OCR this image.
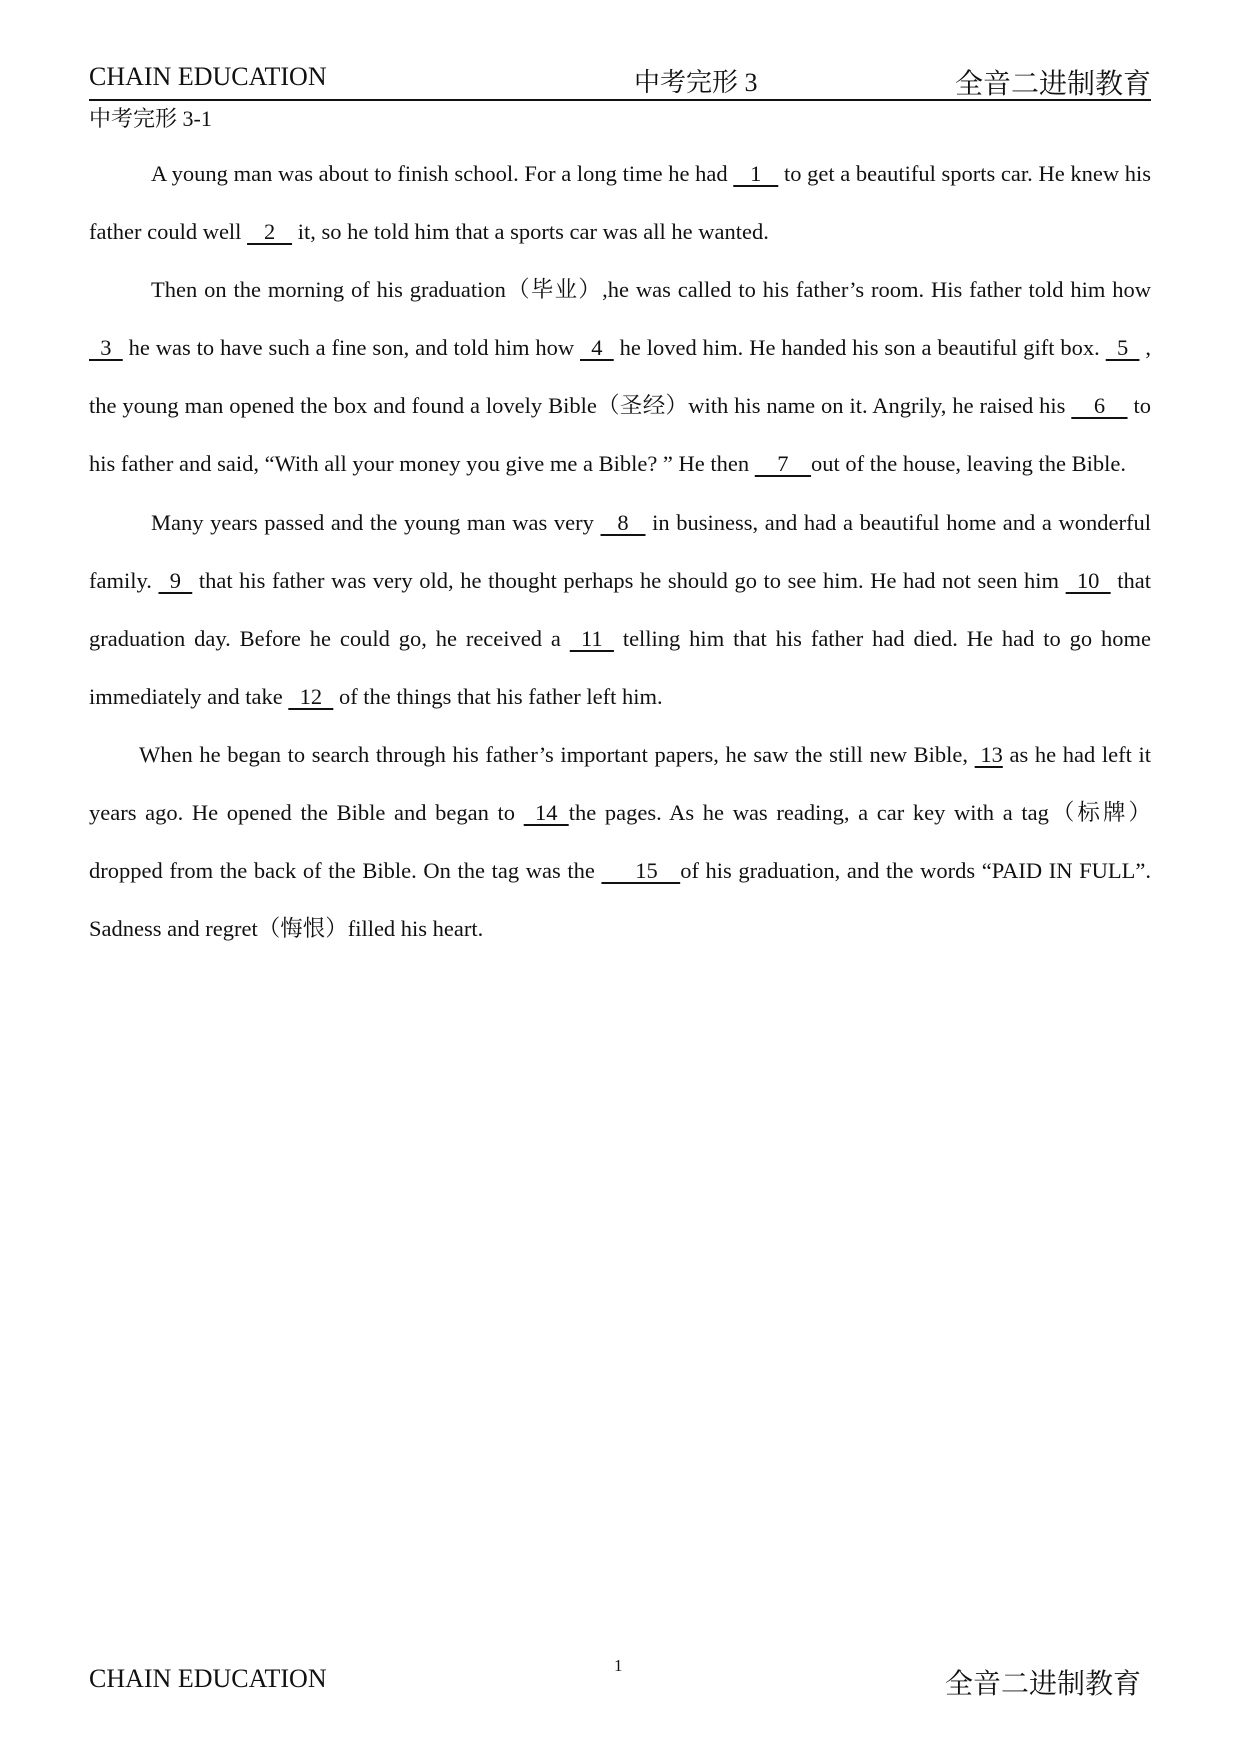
CHAIN EDUCATION	中考完形 3	全音二进制教育
中考完形 3-1

A young man was about to finish school. For a long time he had    1    to get a beautiful sports car. He knew his father could well    2    it, so he told him that a sports car was all he wanted.

Then on the morning of his graduation（毕业）,he was called to his father’s room. His father told him how   3   he was to have such a fine son, and told him how   4   he loved him. He handed his son a beautiful gift box.   5   , the young man opened the box and found a lovely Bible（圣经）with his name on it. Angrily, he raised his     6     to his father and said, “With all your money you give me a Bible? ” He then     7    out of the house, leaving the Bible.

Many years passed and the young man was very    8    in business, and had a beautiful home and a wonderful family.   9   that his father was very old, he thought perhaps he should go to see him. He had not seen him   10   that graduation day. Before he could go, he received a   11   telling him that his father had died. He had to go home immediately and take   12   of the things that his father left him.

When he began to search through his father’s important papers, he saw the still new Bible,  13 as he had left it years ago. He opened the Bible and began to   14  the pages. As he was reading, a car key with a tag（标牌） dropped from the back of the Bible. On the tag was the       15    of his graduation, and the words “PAID IN FULL”. Sadness and regret（悔恨）filled his heart.

CHAIN EDUCATION	1
全音二进制教育
